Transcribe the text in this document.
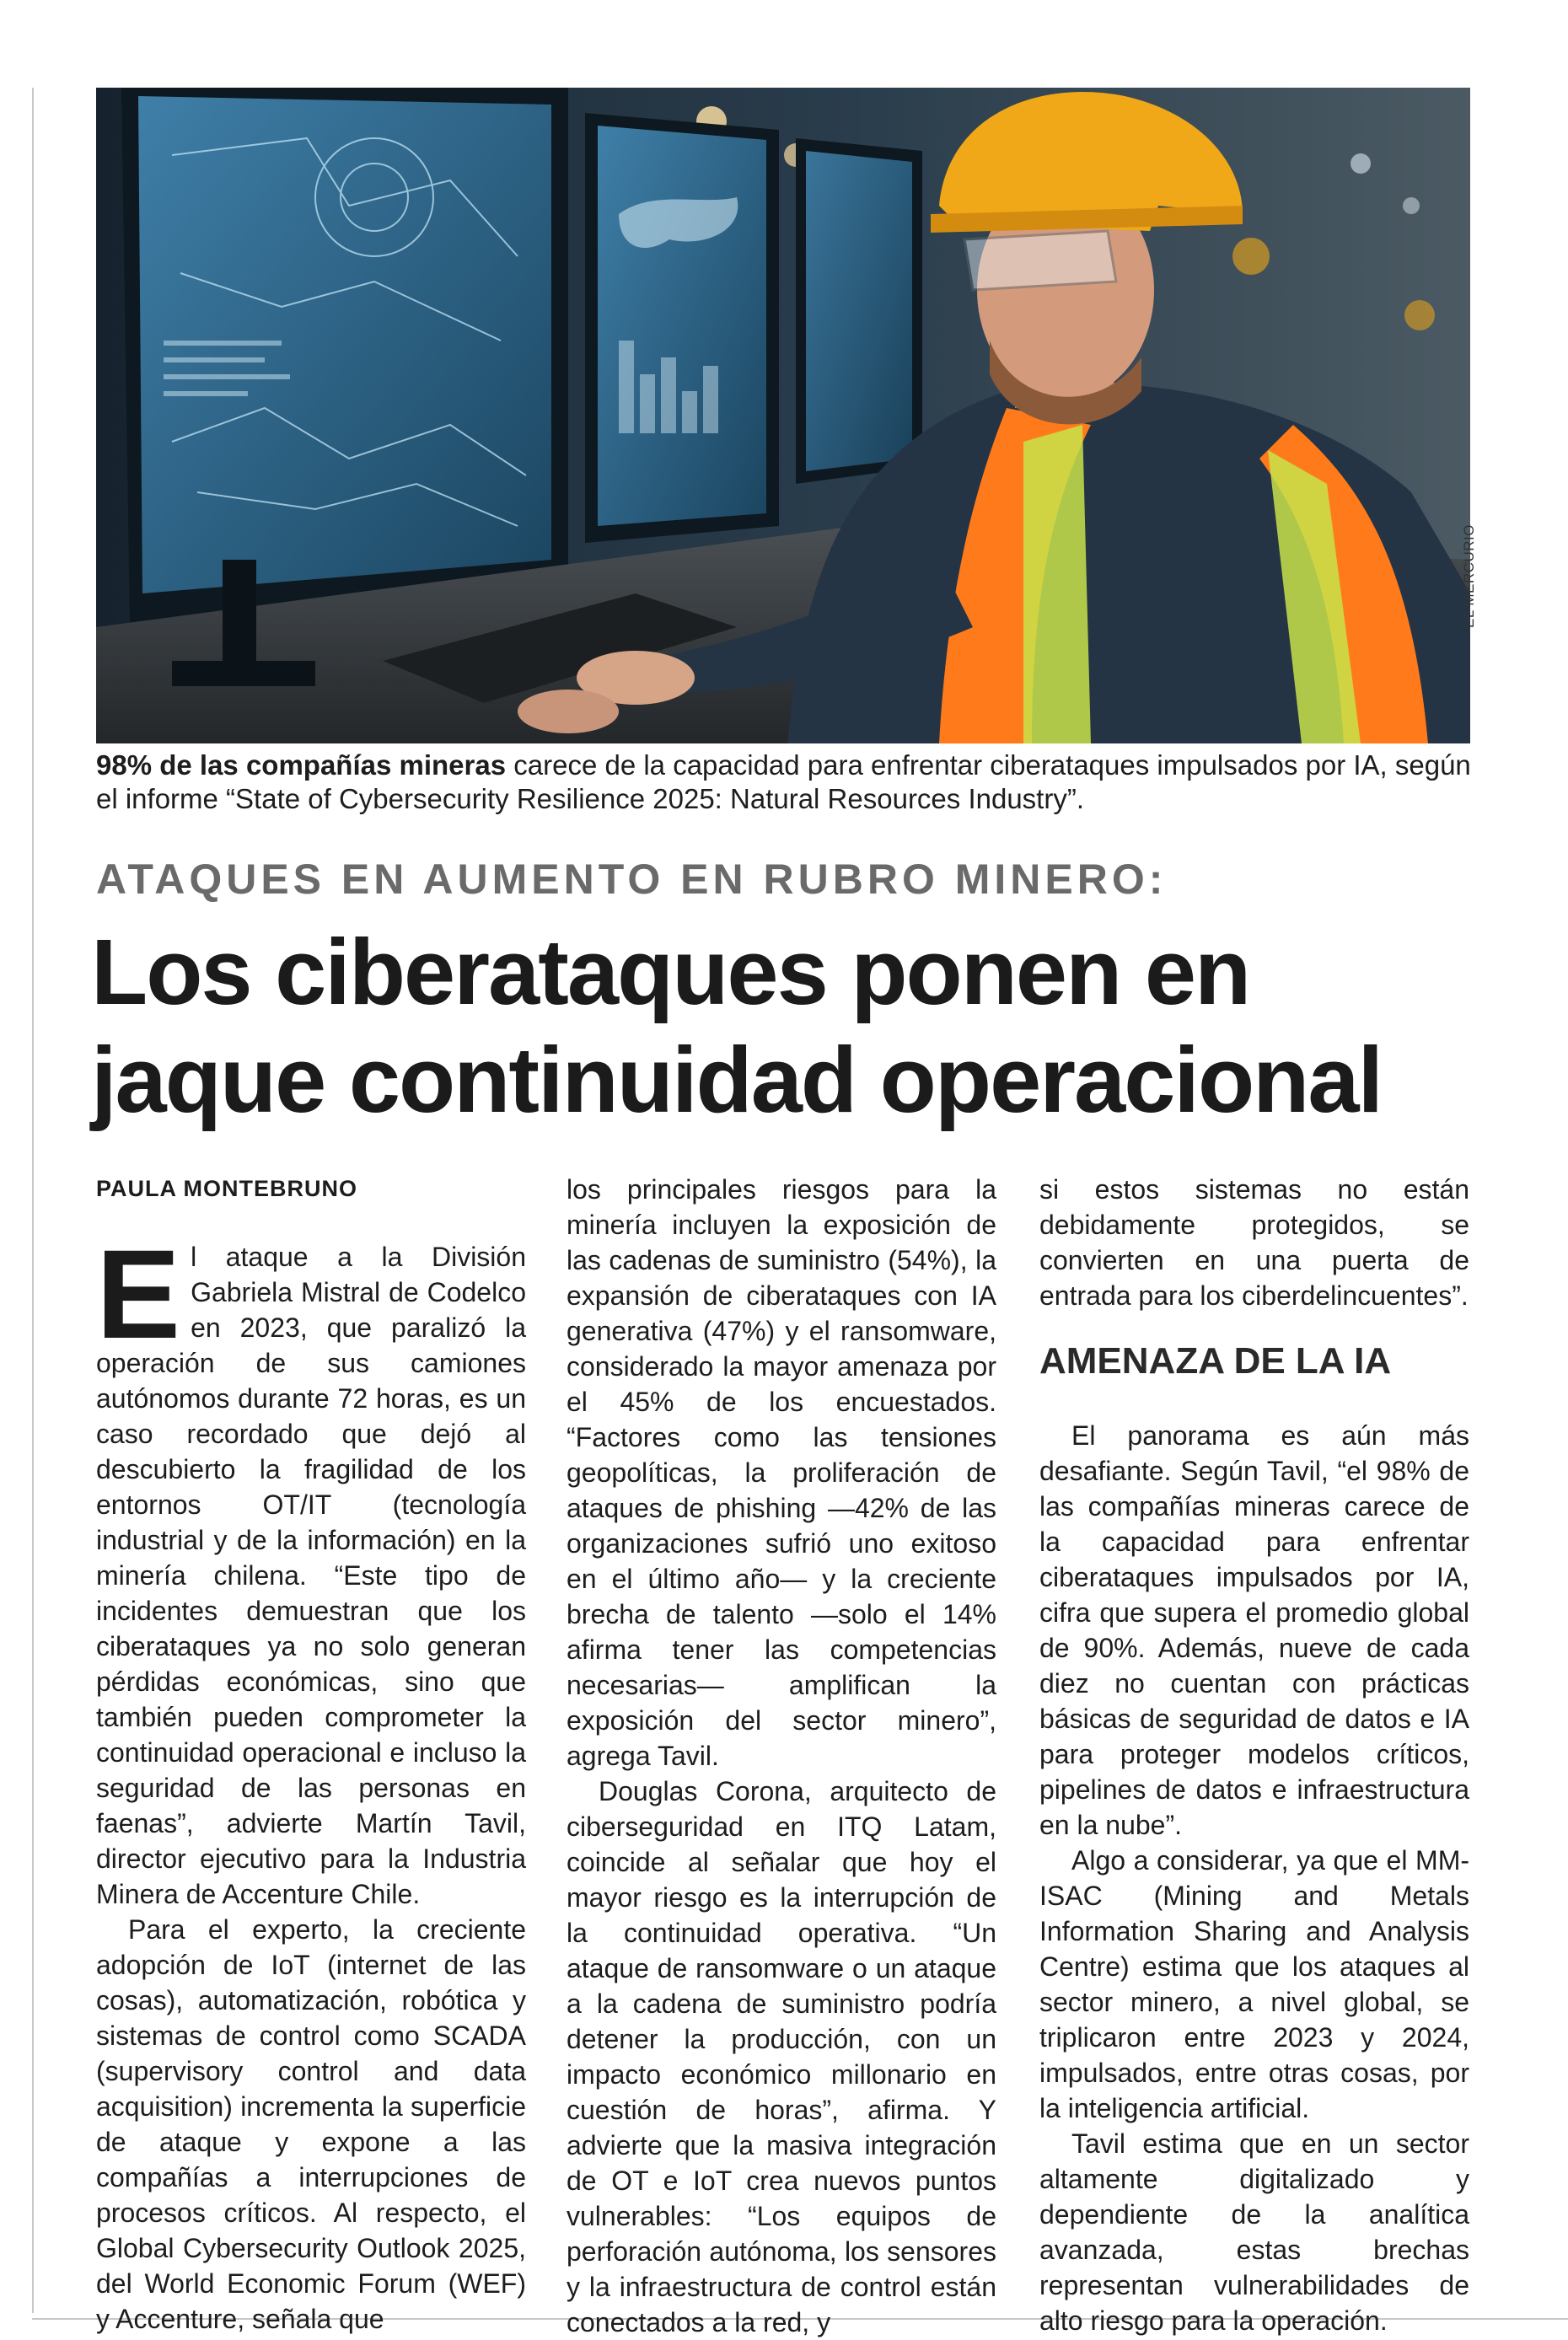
EL MERCURIO
98% de las compañías mineras carece de la capacidad para enfrentar ciberataques impulsados por IA, según el informe “State of Cybersecurity Resilience 2025: Natural Resources Industry”.
ATAQUES EN AUMENTO EN RUBRO MINERO:
Los ciberataques ponen en
jaque continuidad operacional
PAULA MONTEBRUNO

El ataque a la División Gabriela Mistral de Codelco en 2023, que paralizó la operación de sus camiones autónomos durante 72 horas, es un caso recordado que dejó al descubierto la fragilidad de los entornos OT/IT (tecnología industrial y de la información) en la minería chilena. “Este tipo de incidentes demuestran que los ciberataques ya no solo generan pérdidas económicas, sino que también pueden comprometer la continuidad operacional e incluso la seguridad de las personas en faenas”, advierte Martín Tavil, director ejecutivo para la Industria Minera de Accenture Chile.

Para el experto, la creciente adopción de IoT (internet de las cosas), automatización, robótica y sistemas de control como SCADA (supervisory control and data acquisition) incrementa la superficie de ataque y expone a las compañías a interrupciones de procesos críticos. Al respecto, el Global Cybersecurity Outlook 2025, del World Economic Forum (WEF) y Accenture, señala que

los principales riesgos para la minería incluyen la exposición de las cadenas de suministro (54%), la expansión de ciberataques con IA generativa (47%) y el ransomware, considerado la mayor amenaza por el 45% de los encuestados. “Factores como las tensiones geopolíticas, la proliferación de ataques de phishing —42% de las organizaciones sufrió uno exitoso en el último año— y la creciente brecha de talento —solo el 14% afirma tener las competencias necesarias— amplifican la exposición del sector minero”, agrega Tavil.

Douglas Corona, arquitecto de ciberseguridad en ITQ Latam, coincide al señalar que hoy el mayor riesgo es la interrupción de la continuidad operativa. “Un ataque de ransomware o un ataque a la cadena de suministro podría detener la producción, con un impacto económico millonario en cuestión de horas”, afirma. Y advierte que la masiva integración de OT e IoT crea nuevos puntos vulnerables: “Los equipos de perforación autónoma, los sensores y la infraestructura de control están conectados a la red, y

si estos sistemas no están debidamente protegidos, se convierten en una puerta de entrada para los ciberdelincuentes”.

AMENAZA DE LA IA

El panorama es aún más desafiante. Según Tavil, “el 98% de las compañías mineras carece de la capacidad para enfrentar ciberataques impulsados por IA, cifra que supera el promedio global de 90%. Además, nueve de cada diez no cuentan con prácticas básicas de seguridad de datos e IA para proteger modelos críticos, pipelines de datos e infraestructura en la nube”.

Algo a considerar, ya que el MM-ISAC (Mining and Metals Information Sharing and Analysis Centre) estima que los ataques al sector minero, a nivel global, se triplicaron entre 2023 y 2024, impulsados, entre otras cosas, por la inteligencia artificial.

Tavil estima que en un sector altamente digitalizado y dependiente de la analítica avanzada, estas brechas representan vulnerabilidades de alto riesgo para la operación.
